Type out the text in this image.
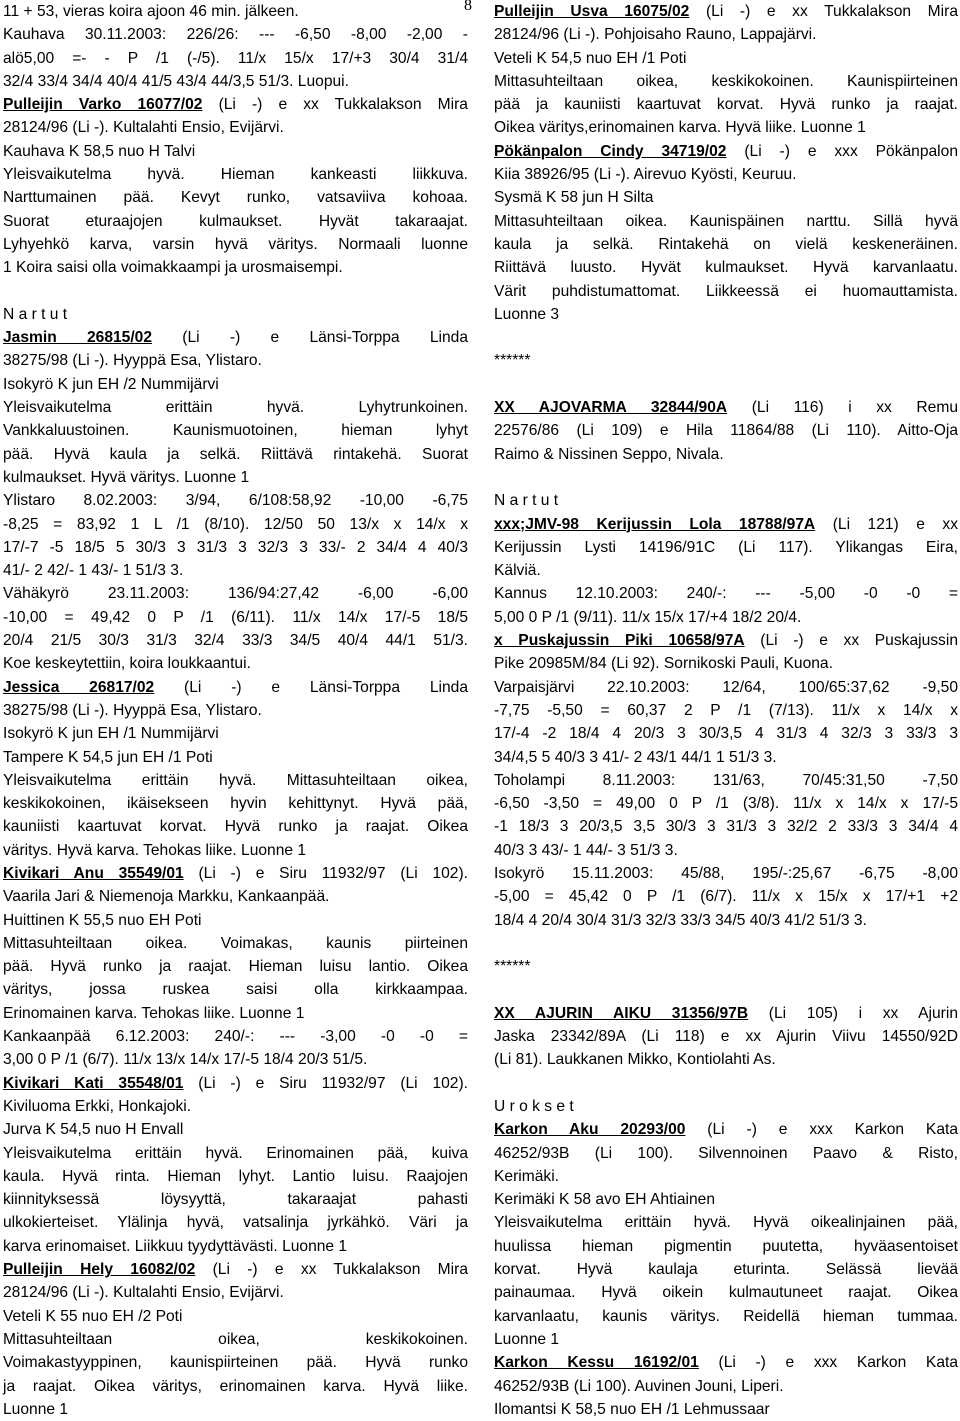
8

11 + 53, vieras koira ajoon 46 min. jälkeen.

Kauhava 30.11.2003: 226/26: --- -6,50 -8,00 -2,00 -

alö5,00 =- - P /1 (-/5). 11/x 15/x 17/+3 30/4 31/4

32/4 33/4 34/4 40/4 41/5 43/4 44/3,5 51/3. Luopui.

Pulleijin Varko 16077/02 (Li -) e xx Tukkalakson Mira

28124/96 (Li -). Kultalahti Ensio, Evijärvi.

Kauhava K 58,5 nuo H Talvi

Yleisvaikutelma hyvä. Hieman kankeasti liikkuva.

Narttumainen pää. Kevyt runko, vatsaviiva kohoaa.

Suorat eturaajojen kulmaukset. Hyvät takaraajat.

Lyhyehkö karva, varsin hyvä väritys. Normaali luonne

1 Koira saisi olla voimakkaampi ja urosmaisempi.

N a r t u t

Jasmin 26815/02 (Li -) e Länsi-Torppa Linda

38275/98 (Li -). Hyyppä Esa, Ylistaro.

Isokyrö K jun EH /2 Nummijärvi

Yleisvaikutelma erittäin hyvä. Lyhytrunkoinen.

Vankkaluustoinen. Kaunismuotoinen, hieman lyhyt

pää. Hyvä kaula ja selkä. Riittävä rintakehä. Suorat

kulmaukset. Hyvä väritys. Luonne 1

Ylistaro 8.02.2003: 3/94, 6/108:58,92 -10,00 -6,75

-8,25 = 83,92 1 L /1 (8/10). 12/50 50 13/x x 14/x x

17/-7 -5 18/5 5 30/3 3 31/3 3 32/3 3 33/- 2 34/4 4 40/3

41/- 2 42/- 1 43/- 1 51/3 3.

Vähäkyrö 23.11.2003: 136/94:27,42 -6,00 -6,00

-10,00 = 49,42 0 P /1 (6/11). 11/x 14/x 17/-5 18/5

20/4 21/5 30/3 31/3 32/4 33/3 34/5 40/4 44/1 51/3.

Koe keskeytettiin, koira loukkaantui.

Jessica 26817/02 (Li -) e Länsi-Torppa Linda

38275/98 (Li -). Hyyppä Esa, Ylistaro.

Isokyrö K jun EH /1 Nummijärvi

Tampere K 54,5 jun EH /1 Poti

Yleisvaikutelma erittäin hyvä. Mittasuhteiltaan oikea,

keskikokoinen, ikäisekseen hyvin kehittynyt. Hyvä pää,

kauniisti kaartuvat korvat. Hyvä runko ja raajat. Oikea

väritys. Hyvä karva. Tehokas liike. Luonne 1

Kivikari Anu 35549/01 (Li -) e Siru 11932/97 (Li 102).

Vaarila Jari & Niemenoja Markku, Kankaanpää.

Huittinen K 55,5 nuo EH Poti

Mittasuhteiltaan oikea. Voimakas, kaunis piirteinen

pää. Hyvä runko ja raajat. Hieman luisu lantio. Oikea

väritys, jossa ruskea saisi olla kirkkaampaa.

Erinomainen karva. Tehokas liike. Luonne 1

Kankaanpää 6.12.2003: 240/-: --- -3,00 -0 -0 =

3,00 0 P /1 (6/7). 11/x 13/x 14/x 17/-5 18/4 20/3 51/5.

Kivikari Kati 35548/01 (Li -) e Siru 11932/97 (Li 102).

Kiviluoma Erkki, Honkajoki.

Jurva K 54,5 nuo H Envall

Yleisvaikutelma erittäin hyvä. Erinomainen pää, kuiva

kaula. Hyvä rinta. Hieman lyhyt. Lantio luisu. Raajojen

kiinnityksessä löysyyttä, takaraajat pahasti

ulkokierteiset. Ylälinja hyvä, vatsalinja jyrkähkö. Väri ja

karva erinomaiset. Liikkuu tyydyttävästi. Luonne 1

Pulleijin Hely 16082/02 (Li -) e xx Tukkalakson Mira

28124/96 (Li -). Kultalahti Ensio, Evijärvi.

Veteli K 55 nuo EH /2 Poti

Mittasuhteiltaan oikea, keskikokoinen.

Voimakastyyppinen, kaunispiirteinen pää. Hyvä runko

ja raajat. Oikea väritys, erinomainen karva. Hyvä liike.

Luonne 1

Pulleijin Usva 16075/02 (Li -) e xx Tukkalakson Mira

28124/96 (Li -). Pohjoisaho Rauno, Lappajärvi.

Veteli K 54,5 nuo EH /1 Poti

Mittasuhteiltaan oikea, keskikokoinen. Kaunispiirteinen

pää ja kauniisti kaartuvat korvat. Hyvä runko ja raajat.

Oikea väritys,erinomainen karva. Hyvä liike. Luonne 1

Pökänpalon Cindy 34719/02 (Li -) e xxx Pökänpalon

Kiia 38926/95 (Li -). Airevuo Kyösti, Keuruu.

Sysmä K 58 jun H Silta

Mittasuhteiltaan oikea. Kaunispäinen narttu. Sillä hyvä

kaula ja selkä. Rintakehä on vielä keskeneräinen.

Riittävä luusto. Hyvät kulmaukset. Hyvä karvanlaatu.

Värit puhdistumattomat. Liikkeessä ei huomauttamista.

Luonne 3

******

XX AJOVARMA 32844/90A (Li 116) i xx Remu

22576/86 (Li 109) e Hila 11864/88 (Li 110). Aitto-Oja

Raimo & Nissinen Seppo, Nivala.

N a r t u t

xxx;JMV-98 Kerijussin Lola 18788/97A (Li 121) e xx

Kerijussin Lysti 14196/91C (Li 117). Ylikangas Eira,

Kälviä.

Kannus 12.10.2003: 240/-: --- -5,00 -0 -0 =

5,00 0 P /1 (9/11). 11/x 15/x 17/+4 18/2 20/4.

x Puskajussin Piki 10658/97A (Li -) e xx Puskajussin

Pike 20985M/84 (Li 92). Sornikoski Pauli, Kuona.

Varpaisjärvi 22.10.2003: 12/64, 100/65:37,62 -9,50

-7,75 -5,50 = 60,37 2 P /1 (7/13). 11/x x 14/x x

17/-4 -2 18/4 4 20/3 3 30/3,5 4 31/3 4 32/3 3 33/3 3

34/4,5 5 40/3 3 41/- 2 43/1 44/1 1 51/3 3.

Toholampi 8.11.2003: 131/63, 70/45:31,50 -7,50

-6,50 -3,50 = 49,00 0 P /1 (3/8). 11/x x 14/x x 17/-5

-1 18/3 3 20/3,5 3,5 30/3 3 31/3 3 32/2 2 33/3 3 34/4 4

40/3 3 43/- 1 44/- 3 51/3 3.

Isokyrö 15.11.2003: 45/88, 195/-:25,67 -6,75 -8,00

-5,00 = 45,42 0 P /1 (6/7). 11/x x 15/x x 17/+1 +2

18/4 4 20/4 30/4 31/3 32/3 33/3 34/5 40/3 41/2 51/3 3.

******

XX AJURIN AIKU 31356/97B (Li 105) i xx Ajurin

Jaska 23342/89A (Li 118) e xx Ajurin Viivu 14550/92D

(Li 81). Laukkanen Mikko, Kontiolahti As.

U r o k s e t

Karkon Aku 20293/00 (Li -) e xxx Karkon Kata

46252/93B (Li 100). Silvennoinen Paavo & Risto,

Kerimäki.

Kerimäki K 58 avo EH Ahtiainen

Yleisvaikutelma erittäin hyvä. Hyvä oikealinjainen pää,

huulissa hieman pigmentin puutetta, hyväasentoiset

korvat. Hyvä kaulaja eturinta. Selässä lievää

painaumaa. Hyvä oikein kulmautuneet raajat. Oikea

karvanlaatu, kaunis väritys. Reidellä hieman tummaa.

Luonne 1

Karkon Kessu 16192/01 (Li -) e xxx Karkon Kata

46252/93B (Li 100). Auvinen Jouni, Liperi.

Ilomantsi K 58,5 nuo EH /1 Lehmussaar
